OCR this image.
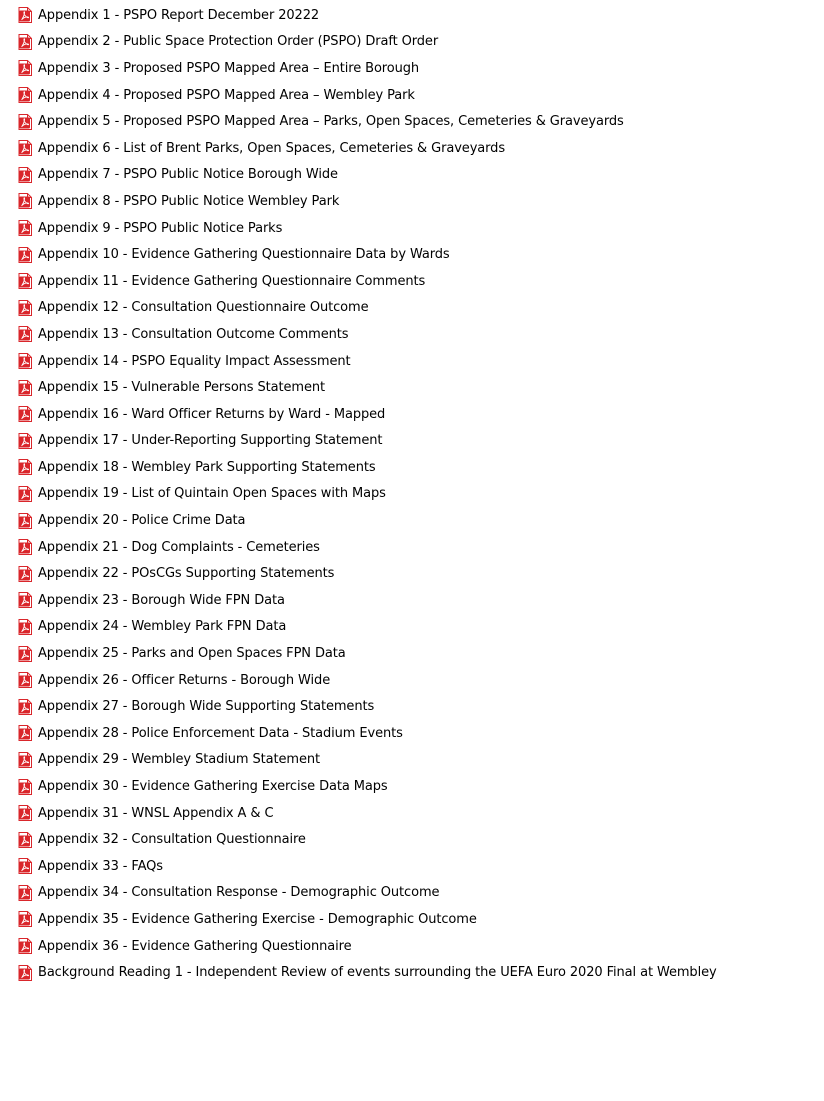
Appendix 1 - PSPO Report December 20222
Appendix 2 - Public Space Protection Order (PSPO) Draft Order
Appendix 3 - Proposed PSPO Mapped Area – Entire Borough
Appendix 4 - Proposed PSPO Mapped Area – Wembley Park
Appendix 5 - Proposed PSPO Mapped Area – Parks, Open Spaces, Cemeteries & Graveyards
Appendix 6 - List of Brent Parks, Open Spaces, Cemeteries & Graveyards
Appendix 7 - PSPO Public Notice Borough Wide
Appendix 8 - PSPO Public Notice Wembley Park
Appendix 9 - PSPO Public Notice Parks
Appendix 10 - Evidence Gathering Questionnaire Data by Wards
Appendix 11 - Evidence Gathering Questionnaire Comments
Appendix 12 - Consultation Questionnaire Outcome
Appendix 13 - Consultation Outcome Comments
Appendix 14 - PSPO Equality Impact Assessment
Appendix 15 - Vulnerable Persons Statement
Appendix 16 - Ward Officer Returns by Ward - Mapped
Appendix 17 - Under-Reporting Supporting Statement
Appendix 18 - Wembley Park Supporting Statements
Appendix 19 - List of Quintain Open Spaces with Maps
Appendix 20 - Police Crime Data
Appendix 21 - Dog Complaints - Cemeteries
Appendix 22 - POsCGs Supporting Statements
Appendix 23 - Borough Wide FPN Data
Appendix 24 - Wembley Park FPN Data
Appendix 25 - Parks and Open Spaces FPN Data
Appendix 26 - Officer Returns - Borough Wide
Appendix 27 - Borough Wide Supporting Statements
Appendix 28 - Police Enforcement Data - Stadium Events
Appendix 29 - Wembley Stadium Statement
Appendix 30 - Evidence Gathering Exercise Data Maps
Appendix 31 - WNSL Appendix A & C
Appendix 32 - Consultation Questionnaire
Appendix 33 - FAQs
Appendix 34 - Consultation Response - Demographic Outcome
Appendix 35 - Evidence Gathering Exercise - Demographic Outcome
Appendix 36 - Evidence Gathering Questionnaire
Background Reading 1 - Independent Review of events surrounding the UEFA Euro 2020 Final at Wembley
